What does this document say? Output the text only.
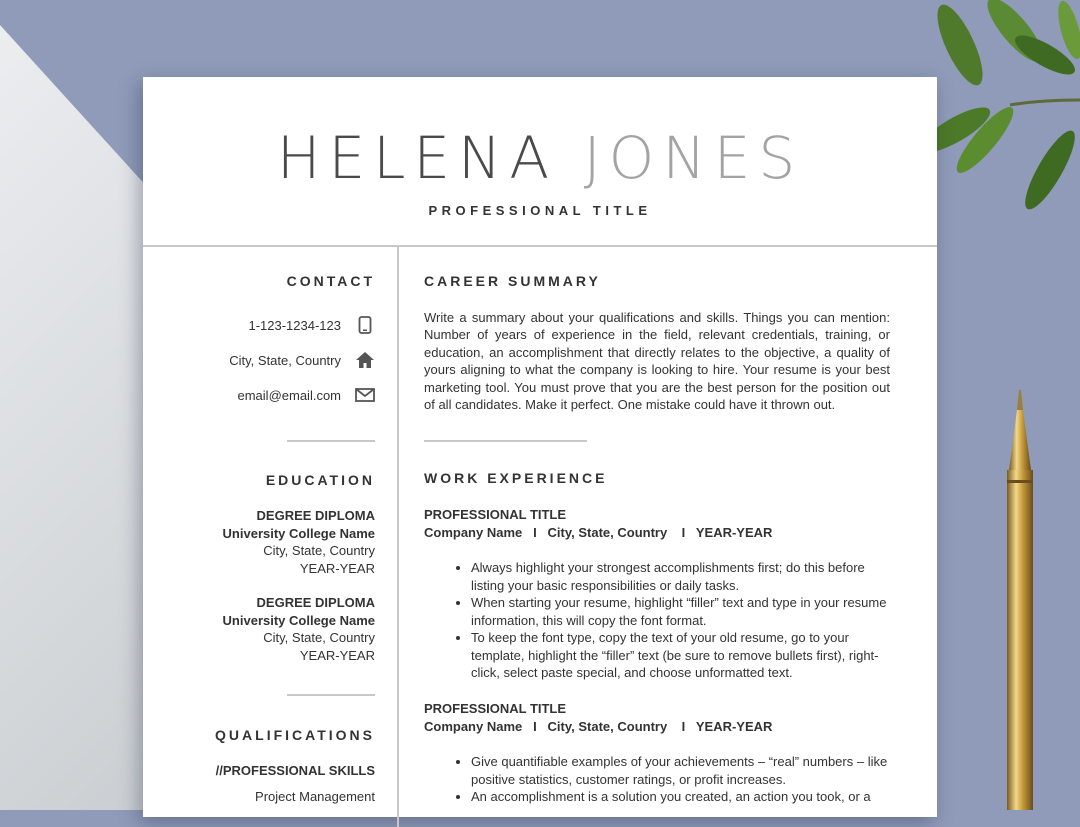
HELENA JONES
PROFESSIONAL TITLE
CONTACT
1-123-1234-123
City, State, Country
email@email.com
EDUCATION
DEGREE DIPLOMA
University College Name
City, State, Country
YEAR-YEAR
DEGREE DIPLOMA
University College Name
City, State, Country
YEAR-YEAR
QUALIFICATIONS
//PROFESSIONAL SKILLS
Project Management
CAREER SUMMARY
Write a summary about your qualifications and skills. Things you can mention: Number of years of experience in the field, relevant credentials, training, or education, an accomplishment that directly relates to the objective, a quality of yours aligning to what the company is looking to hire. Your resume is your best marketing tool. You must prove that you are the best person for the position out of all candidates. Make it perfect. One mistake could have it thrown out.
WORK EXPERIENCE
PROFESSIONAL TITLE
Company Name   I   City, State, Country    I   YEAR-YEAR
• Always highlight your strongest accomplishments first; do this before listing your basic responsibilities or daily tasks.
• When starting your resume, highlight “filler” text and type in your resume information, this will copy the font format.
• To keep the font type, copy the text of your old resume, go to your template, highlight the “filler” text (be sure to remove bullets first), right-click, select paste special, and choose unformatted text.
PROFESSIONAL TITLE
Company Name   I   City, State, Country    I   YEAR-YEAR
• Give quantifiable examples of your achievements – “real” numbers – like positive statistics, customer ratings, or profit increases.
• An accomplishment is a solution you created, an action you took, or a
